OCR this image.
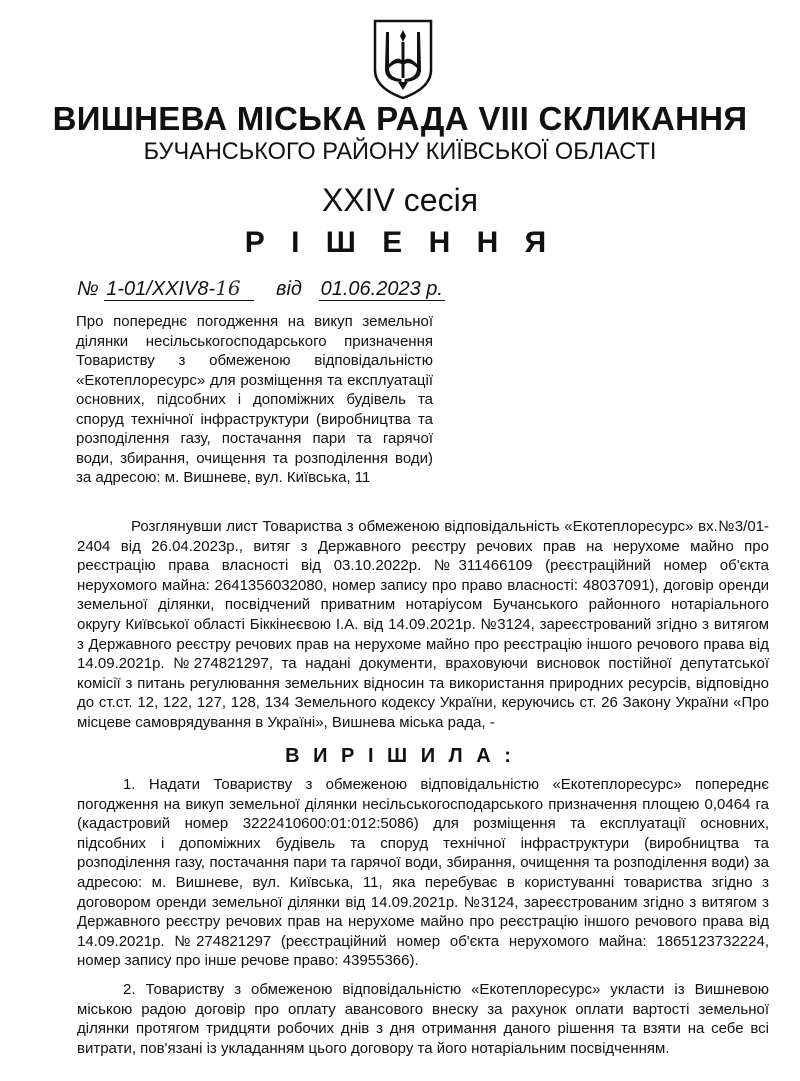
ВИШНЕВА МІСЬКА РАДА VIII СКЛИКАННЯ
БУЧАНСЬКОГО РАЙОНУ КИЇВСЬКОЇ ОБЛАСТІ
XXIV сесія
Р І Ш Е Н Н Я
№ 1-01/XXIV8-16 від 01.06.2023 р.
Про попереднє погодження на викуп земельної ділянки несільськогосподарського призначення Товариству з обмеженою відповідальністю «Екотеплоресурс» для розміщення та експлуатації основних, підсобних і допоміжних будівель та споруд технічної інфраструктури (виробництва та розподілення газу, постачання пари та гарячої води, збирання, очищення та розподілення води) за адресою: м. Вишневе, вул. Київська, 11
Розглянувши лист Товариства з обмеженою відповідальність «Екотеплоресурс» вх.№3/01-2404 від 26.04.2023р., витяг з Державного реєстру речових прав на нерухоме майно про реєстрацію права власності від 03.10.2022р. №311466109 (реєстраційний номер об'єкта нерухомого майна: 2641356032080, номер запису про право власності: 48037091), договір оренди земельної ділянки, посвідчений приватним нотаріусом Бучанського районного нотаріального округу Київської області Біккінеєвою І.А. від 14.09.2021р. №3124, зареєстрований згідно з витягом з Державного реєстру речових прав на нерухоме майно про реєстрацію іншого речового права від 14.09.2021р. №274821297, та надані документи, враховуючи висновок постійної депутатської комісії з питань регулювання земельних відносин та використання природних ресурсів, відповідно до ст.ст. 12, 122, 127, 128, 134 Земельного кодексу України, керуючись ст. 26 Закону України «Про місцеве самоврядування в Україні», Вишнева міська рада, -
В И Р І Ш И Л А :
1. Надати Товариству з обмеженою відповідальністю «Екотеплоресурс» попереднє погодження на викуп земельної ділянки несільськогосподарського призначення площею 0,0464 га (кадастровий номер 3222410600:01:012:5086) для розміщення та експлуатації основних, підсобних і допоміжних будівель та споруд технічної інфраструктури (виробництва та розподілення газу, постачання пари та гарячої води, збирання, очищення та розподілення води) за адресою: м. Вишневе, вул. Київська, 11, яка перебуває в користуванні товариства згідно з договором оренди земельної ділянки від 14.09.2021р. №3124, зареєстрованим згідно з витягом з Державного реєстру речових прав на нерухоме майно про реєстрацію іншого речового права від 14.09.2021р. №274821297 (реєстраційний номер об'єкта нерухомого майна: 1865123732224, номер запису про інше речове право: 43955366).
2. Товариству з обмеженою відповідальністю «Екотеплоресурс» укласти із Вишневою міською радою договір про оплату авансового внеску за рахунок оплати вартості земельної ділянки протягом тридцяти робочих днів з дня отримання даного рішення та взяти на себе всі витрати, пов'язані із укладанням цього договору та його нотаріальним посвідченням.
